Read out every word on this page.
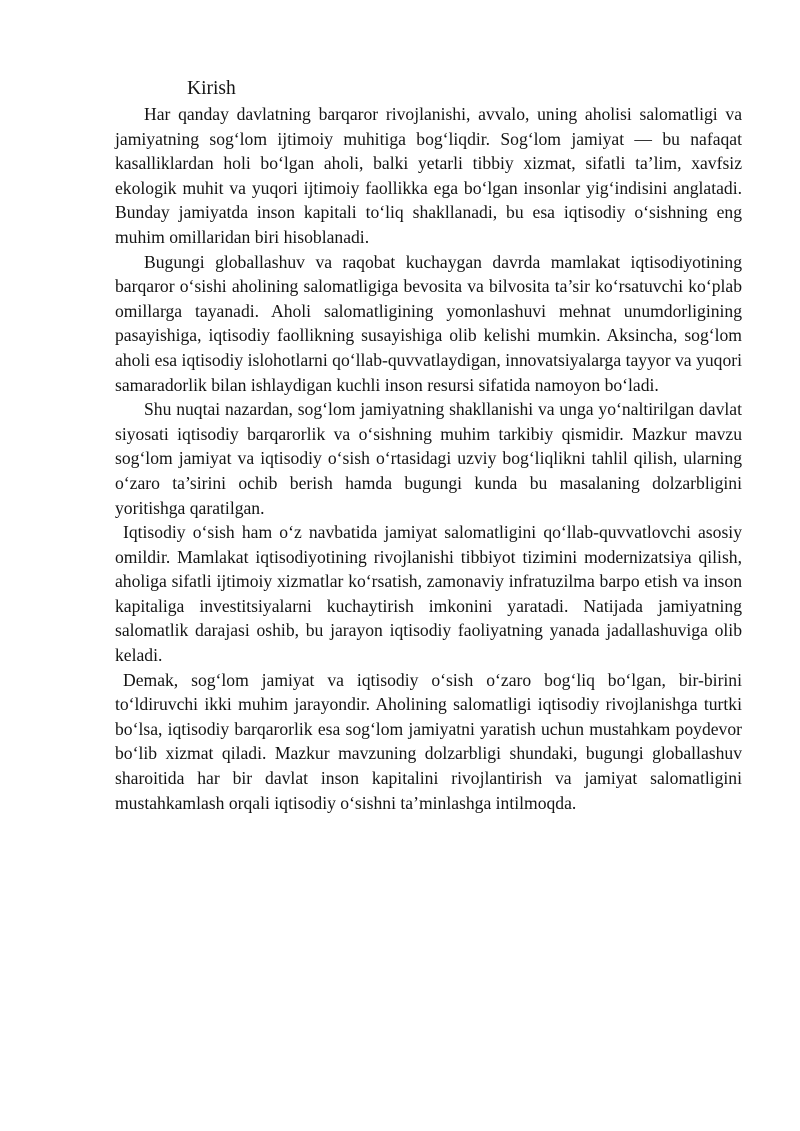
Kirish

Har qanday davlatning barqaror rivojlanishi, avvalo, uning aholisi salomatligi va jamiyatning sog‘lom ijtimoiy muhitiga bog‘liqdir. Sog‘lom jamiyat — bu nafaqat kasalliklardan holi bo‘lgan aholi, balki yetarli tibbiy xizmat, sifatli ta’lim, xavfsiz ekologik muhit va yuqori ijtimoiy faollikka ega bo‘lgan insonlar yig‘indisini anglatadi. Bunday jamiyatda inson kapitali to‘liq shakllanadi, bu esa iqtisodiy o‘sishning eng muhim omillaridan biri hisoblanadi.

Bugungi globallashuv va raqobat kuchaygan davrda mamlakat iqtisodiyotining barqaror o‘sishi aholining salomatligiga bevosita va bilvosita ta’sir ko‘rsatuvchi ko‘plab omillarga tayanadi. Aholi salomatligining yomonlashuvi mehnat unumdorligining pasayishiga, iqtisodiy faollikning susayishiga olib kelishi mumkin. Aksincha, sog‘lom aholi esa iqtisodiy islohotlarni qo‘llab-quvvatlaydigan, innovatsiyalarga tayyor va yuqori samaradorlik bilan ishlaydigan kuchli inson resursi sifatida namoyon bo‘ladi.

Shu nuqtai nazardan, sog‘lom jamiyatning shakllanishi va unga yo‘naltirilgan davlat siyosati iqtisodiy barqarorlik va o‘sishning muhim tarkibiy qismidir. Mazkur mavzu sog‘lom jamiyat va iqtisodiy o‘sish o‘rtasidagi uzviy bog‘liqlikni tahlil qilish, ularning o‘zaro ta’sirini ochib berish hamda bugungi kunda bu masalaning dolzarbligini yoritishga qaratilgan.

Iqtisodiy o‘sish ham o‘z navbatida jamiyat salomatligini qo‘llab-quvvatlovchi asosiy omildir. Mamlakat iqtisodiyotining rivojlanishi tibbiyot tizimini modernizatsiya qilish, aholiga sifatli ijtimoiy xizmatlar ko‘rsatish, zamonaviy infratuzilma barpo etish va inson kapitaliga investitsiyalarni kuchaytirish imkonini yaratadi. Natijada jamiyatning salomatlik darajasi oshib, bu jarayon iqtisodiy faoliyatning yanada jadallashuviga olib keladi.

Demak, sog‘lom jamiyat va iqtisodiy o‘sish o‘zaro bog‘liq bo‘lgan, bir-birini to‘ldiruvchi ikki muhim jarayondir. Aholining salomatligi iqtisodiy rivojlanishga turtki bo‘lsa, iqtisodiy barqarorlik esa sog‘lom jamiyatni yaratish uchun mustahkam poydevor bo‘lib xizmat qiladi. Mazkur mavzuning dolzarbligi shundaki, bugungi globallashuv sharoitida har bir davlat inson kapitalini rivojlantirish va jamiyat salomatligini mustahkamlash orqali iqtisodiy o‘sishni ta’minlashga intilmoqda.
